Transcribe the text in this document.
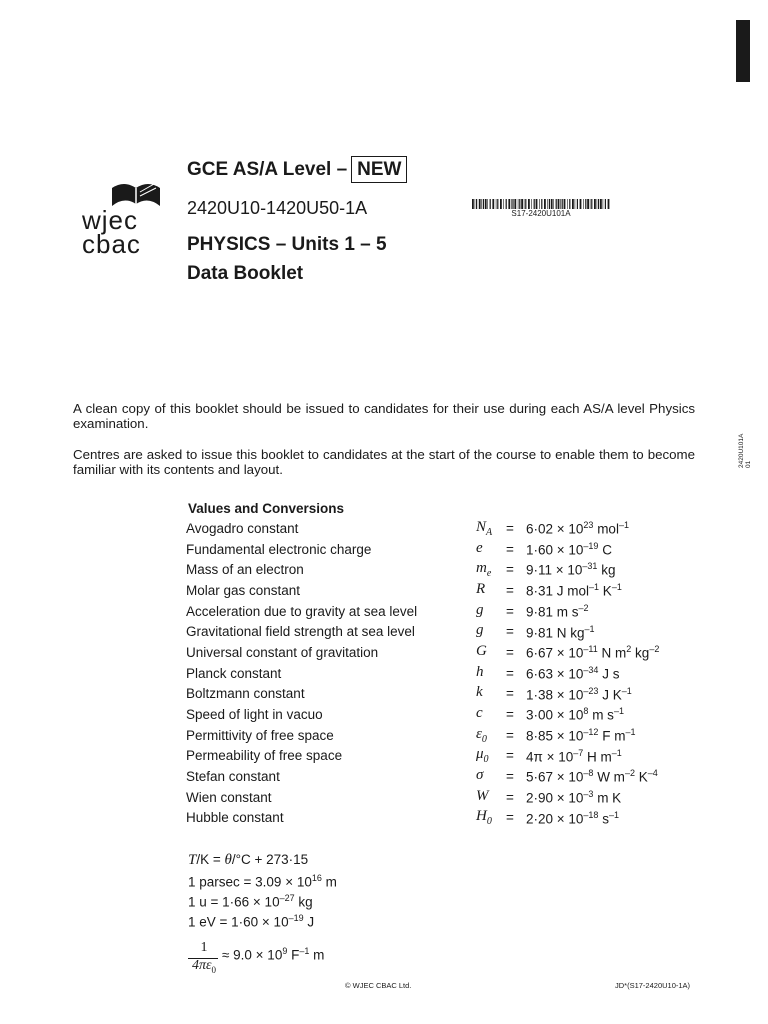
wjec
cbac
GCE AS/A Level – NEW
2420U10-1420U50-1A
PHYSICS – Units 1 – 5
Data Booklet
S17-2420U101A
2420U101A 01
A clean copy of this booklet should be issued to candidates for their use during each AS/A level Physics examination.
Centres are asked to issue this booklet to candidates at the start of the course to enable them to become familiar with its contents and layout.
Values and Conversions
Avogadro constant	$N_A$	=	$6\cdot 02 \times 10^{23}$ mol$^{-1}$
Fundamental electronic charge	e	=	$1\cdot 60 \times 10^{-19}$ C
Mass of an electron	$m_e$	=	$9\cdot 11 \times 10^{-31}$ kg
Molar gas constant	R	=	8·31 J mol$^{-1}$ $K^{-1}$
Acceleration due to gravity at sea level	g	=	9·81 m $s^{-2}$
Gravitational field strength at sea level	g	=	9·81 N $kg^{-1}$
Universal constant of gravitation	G	=	$6\cdot 67 \times 10^{-11}$ N $m^2$ $kg^{-2}$
Planck constant	h	=	$6\cdot 63 \times 10^{-34}$ J s
Boltzmann constant	k	=	$1\cdot 38 \times 10^{-23}$ J $K^{-1}$
Speed of light in vacuo	c	=	$3\cdot 00 \times 10^8$ m $s^{-1}$
Permittivity of free space	$\varepsilon_0$	=	$8\cdot 85 \times 10^{-12}$ F $m^{-1}$
Permeability of free space	$\mu_0$	=	$4\pi \times 10^{-7}$ H $m^{-1}$
Stefan constant	σ	=	$5\cdot 67 \times 10^{-8}$ W $m^{-2}$ $K^{-4}$
Wien constant	W	=	$2\cdot 90 \times 10^{-3}$ m K
Hubble constant	$H_0$	=	$2\cdot 20 \times 10^{-18}$ $s^{-1}$
T/K = θ/°C + 273·15
1 $parsec = 3.09 \times 10^{16}$ m
1 $u = 1\cdot 66 \times 10^{-27}$ kg
1 eV = $1\cdot 60 \times 10^{-19}$ J
1
$4\pi\varepsilon_0$
≈ $9.0 \times 10^9$ $F^{-1}$ m
© WJEC CBAC Ltd.	JD*(S17-2420U10-1A)
